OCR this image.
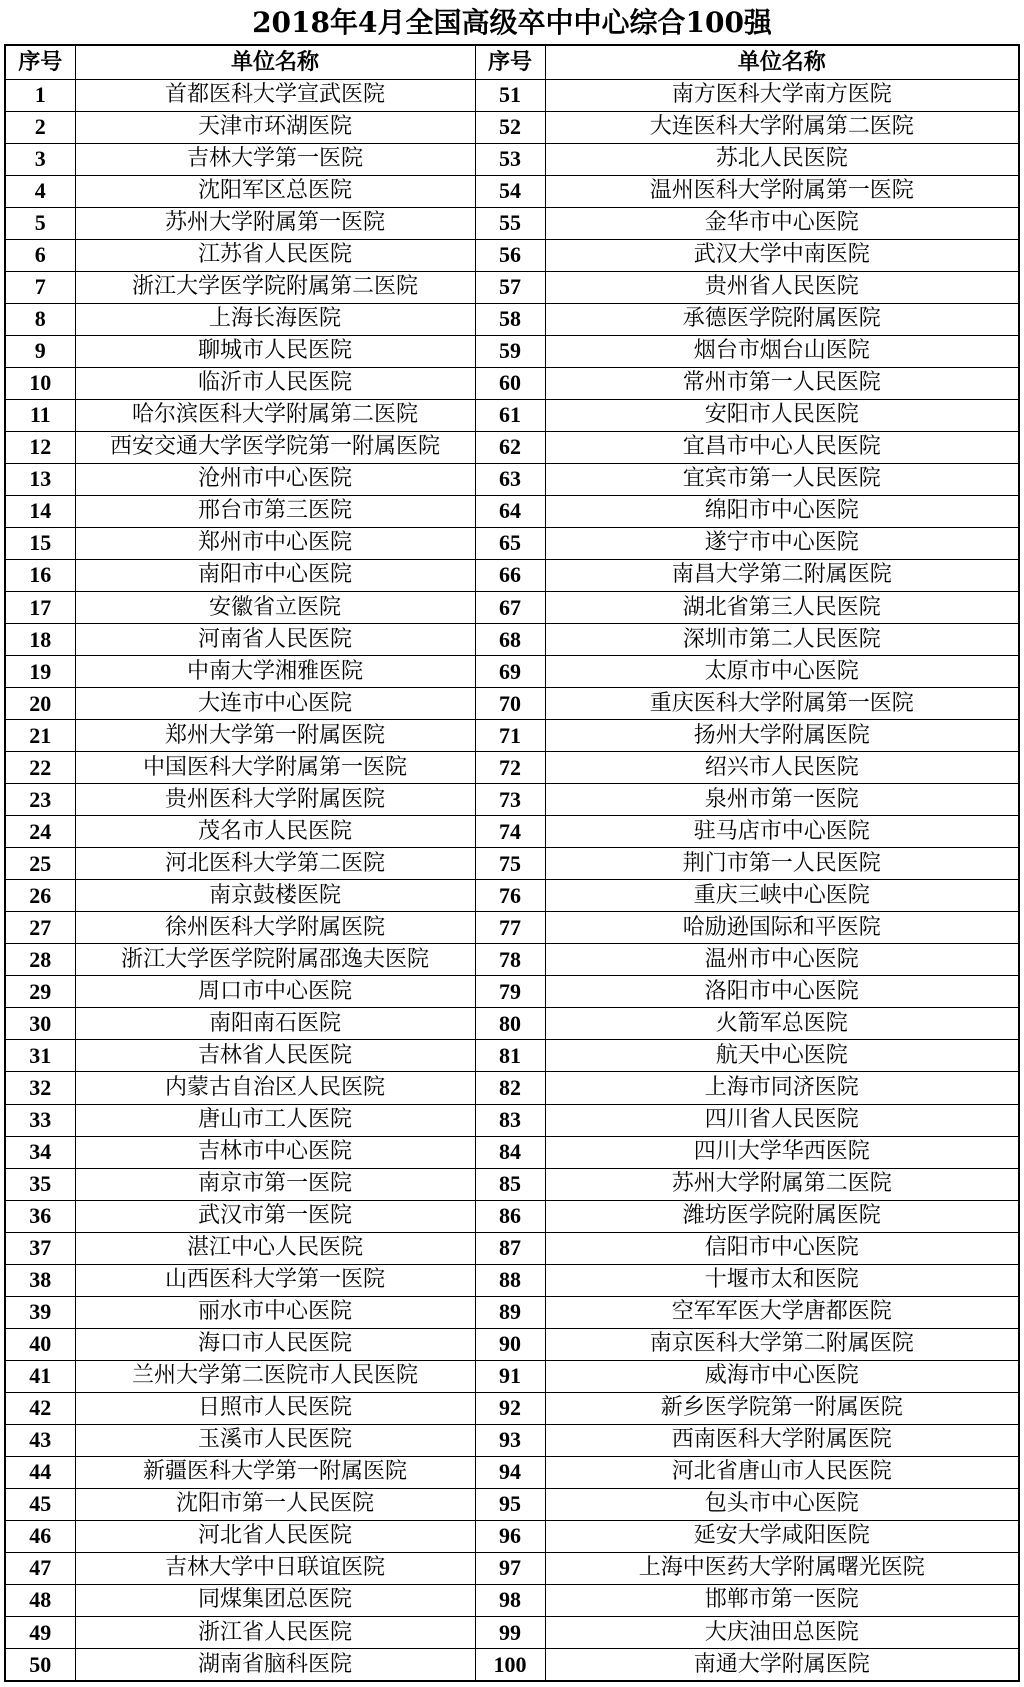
2018年4月全国高级卒中中心综合100强
序号	单位名称	序号	单位名称
1	首都医科大学宣武医院	51	南方医科大学南方医院
2	天津市环湖医院	52	大连医科大学附属第二医院
3	吉林大学第一医院	53	苏北人民医院
4	沈阳军区总医院	54	温州医科大学附属第一医院
5	苏州大学附属第一医院	55	金华市中心医院
6	江苏省人民医院	56	武汉大学中南医院
7	浙江大学医学院附属第二医院	57	贵州省人民医院
8	上海长海医院	58	承德医学院附属医院
9	聊城市人民医院	59	烟台市烟台山医院
10	临沂市人民医院	60	常州市第一人民医院
11	哈尔滨医科大学附属第二医院	61	安阳市人民医院
12	西安交通大学医学院第一附属医院	62	宜昌市中心人民医院
13	沧州市中心医院	63	宜宾市第一人民医院
14	邢台市第三医院	64	绵阳市中心医院
15	郑州市中心医院	65	遂宁市中心医院
16	南阳市中心医院	66	南昌大学第二附属医院
17	安徽省立医院	67	湖北省第三人民医院
18	河南省人民医院	68	深圳市第二人民医院
19	中南大学湘雅医院	69	太原市中心医院
20	大连市中心医院	70	重庆医科大学附属第一医院
21	郑州大学第一附属医院	71	扬州大学附属医院
22	中国医科大学附属第一医院	72	绍兴市人民医院
23	贵州医科大学附属医院	73	泉州市第一医院
24	茂名市人民医院	74	驻马店市中心医院
25	河北医科大学第二医院	75	荆门市第一人民医院
26	南京鼓楼医院	76	重庆三峡中心医院
27	徐州医科大学附属医院	77	哈励逊国际和平医院
28	浙江大学医学院附属邵逸夫医院	78	温州市中心医院
29	周口市中心医院	79	洛阳市中心医院
30	南阳南石医院	80	火箭军总医院
31	吉林省人民医院	81	航天中心医院
32	内蒙古自治区人民医院	82	上海市同济医院
33	唐山市工人医院	83	四川省人民医院
34	吉林市中心医院	84	四川大学华西医院
35	南京市第一医院	85	苏州大学附属第二医院
36	武汉市第一医院	86	潍坊医学院附属医院
37	湛江中心人民医院	87	信阳市中心医院
38	山西医科大学第一医院	88	十堰市太和医院
39	丽水市中心医院	89	空军军医大学唐都医院
40	海口市人民医院	90	南京医科大学第二附属医院
41	兰州大学第二医院市人民医院	91	威海市中心医院
42	日照市人民医院	92	新乡医学院第一附属医院
43	玉溪市人民医院	93	西南医科大学附属医院
44	新疆医科大学第一附属医院	94	河北省唐山市人民医院
45	沈阳市第一人民医院	95	包头市中心医院
46	河北省人民医院	96	延安大学咸阳医院
47	吉林大学中日联谊医院	97	上海中医药大学附属曙光医院
48	同煤集团总医院	98	邯郸市第一医院
49	浙江省人民医院	99	大庆油田总医院
50	湖南省脑科医院	100	南通大学附属医院
